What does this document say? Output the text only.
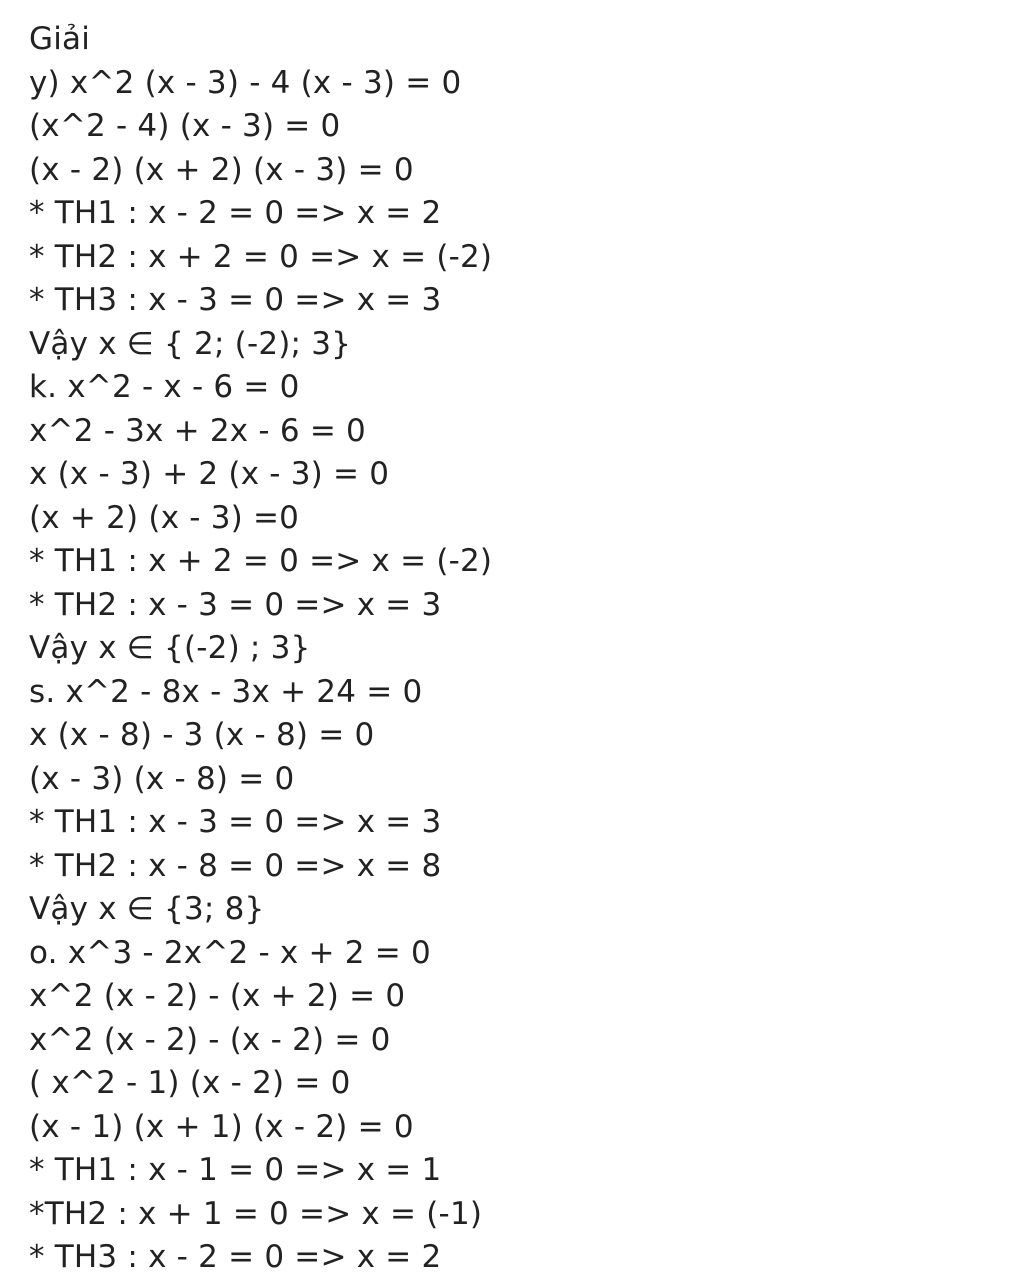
Giải
y) x^2 (x - 3) - 4 (x - 3) = 0
(x^2 - 4) (x - 3) = 0
(x - 2) (x + 2) (x - 3) = 0
* TH1 : x - 2 = 0 => x = 2
* TH2 : x + 2 = 0 => x = (-2)
* TH3 : x - 3 = 0 => x = 3
Vậy x ∈ { 2; (-2); 3}
k. x^2 - x - 6 = 0
x^2 - 3x + 2x - 6 = 0
x (x - 3) + 2 (x - 3) = 0
(x + 2) (x - 3) =0
* TH1 : x + 2 = 0 => x = (-2)
* TH2 : x - 3 = 0 => x = 3
Vậy x ∈ {(-2) ; 3}
s. x^2 - 8x - 3x + 24 = 0
x (x - 8) - 3 (x - 8) = 0
(x - 3) (x - 8) = 0
* TH1 : x - 3 = 0 => x = 3
* TH2 : x - 8 = 0 => x = 8
Vậy x ∈ {3; 8}
o. x^3 - 2x^2 - x + 2 = 0
x^2 (x - 2) - (x + 2) = 0
x^2 (x - 2) - (x - 2) = 0
( x^2 - 1) (x - 2) = 0
(x - 1) (x + 1) (x - 2) = 0
* TH1 : x - 1 = 0 => x = 1
*TH2 : x + 1 = 0 => x = (-1)
* TH3 : x - 2 = 0 => x = 2
